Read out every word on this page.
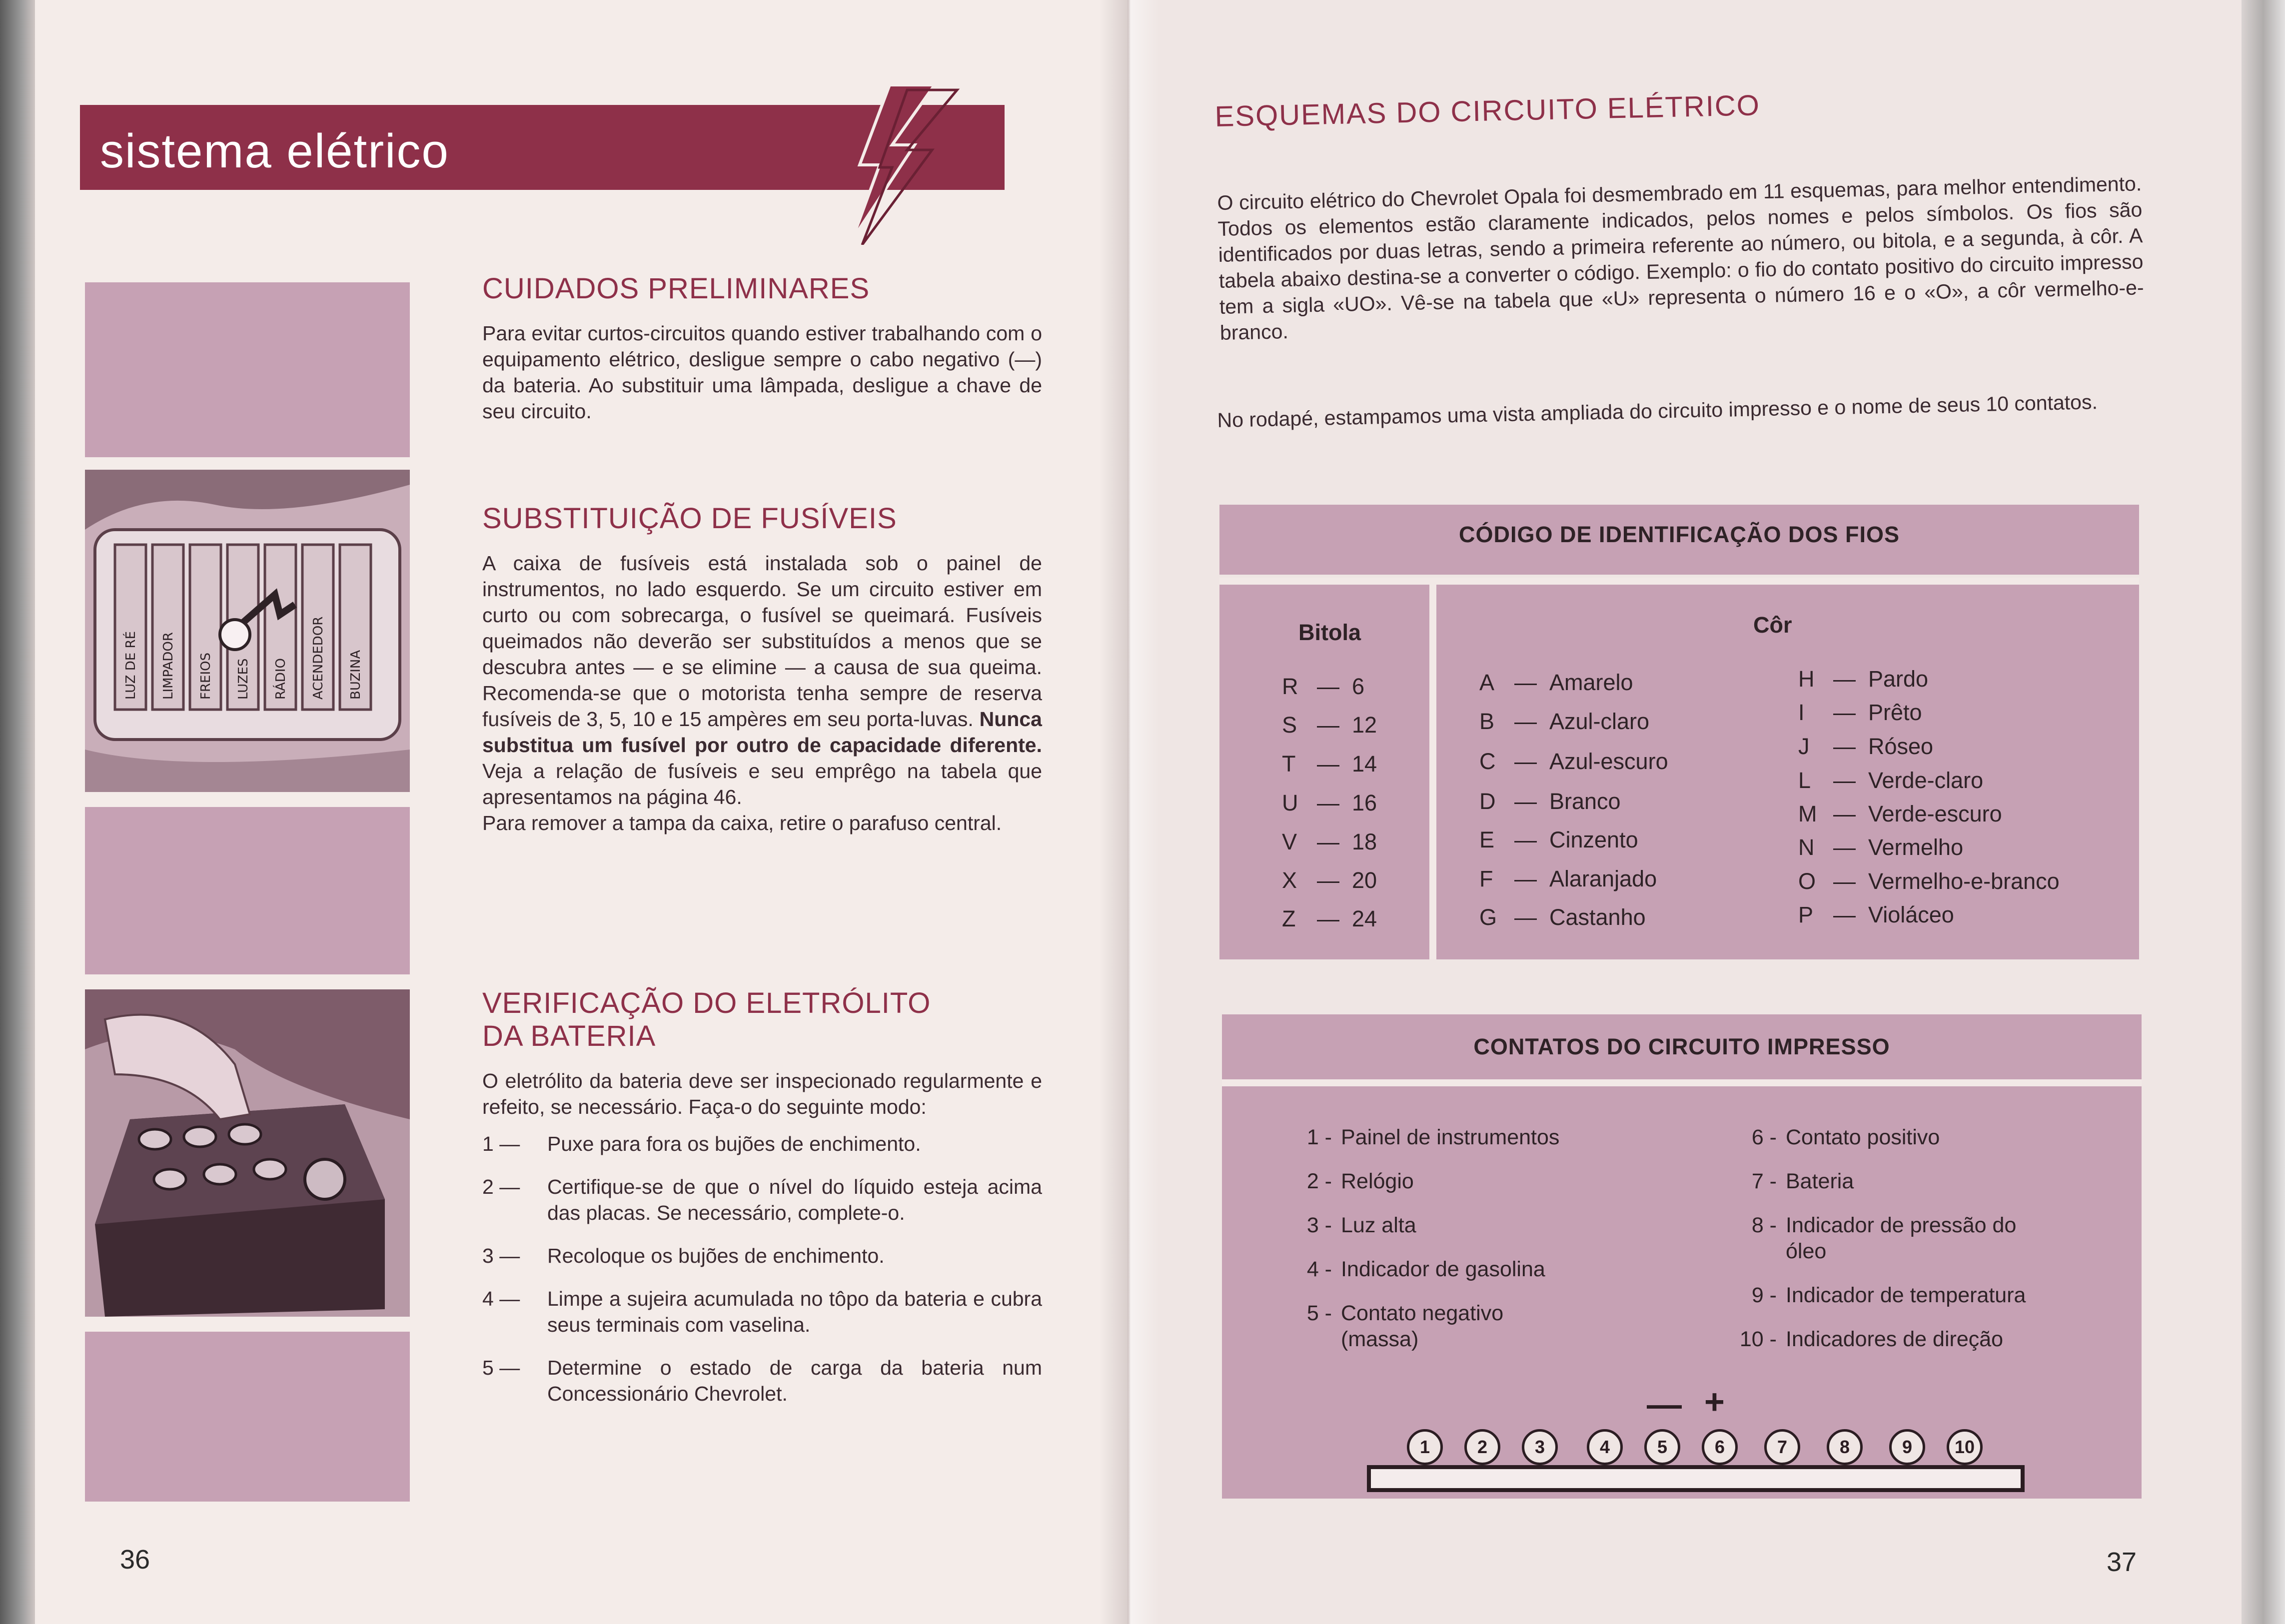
sistema elétrico
LUZ DE RÉ LIMPADOR FREIOS LUZES RÁDIO ACENDEDOR BUZINA
CUIDADOS PRELIMINARES

Para evitar curtos-circuitos quando estiver trabalhando com o equipamento elétrico, desligue sempre o cabo negativo (—) da bateria. Ao substituir uma lâmpada, desligue a chave de seu circuito.

SUBSTITUIÇÃO DE FUSÍVEIS

A caixa de fusíveis está instalada sob o painel de instrumentos, no lado esquerdo. Se um circuito estiver em curto ou com sobrecarga, o fusível se queimará. Fusíveis queimados não deverão ser substituídos a menos que se descubra antes — e se elimine — a causa de sua queima. Recomenda-se que o motorista tenha sempre de reserva fusíveis de 3, 5, 10 e 15 ampères em seu porta-luvas. Nunca substitua um fusível por outro de capacidade diferente. Veja a relação de fusíveis e seu emprêgo na tabela que apresentamos na página 46.

Para remover a tampa da caixa, retire o parafuso central.

VERIFICAÇÃO DO ELETRÓLITO
DA BATERIA

O eletrólito da bateria deve ser inspecionado regularmente e refeito, se necessário. Faça-o do seguinte modo:

1 —	Puxe para fora os bujões de enchimento.
2 —	Certifique-se de que o nível do líquido esteja acima das placas. Se necessário, complete-o.
3 —	Recoloque os bujões de enchimento.
4 —	Limpe a sujeira acumulada no tôpo da bateria e cubra seus terminais com vaselina.
5 —	Determine o estado de carga da bateria num Concessionário Chevrolet.
36
ESQUEMAS DO CIRCUITO ELÉTRICO
O circuito elétrico do Chevrolet Opala foi desmembrado em 11 esquemas, para melhor entendimento. Todos os elementos estão claramente indicados, pelos nomes e pelos símbolos. Os fios são identificados por duas letras, sendo a primeira referente ao número, ou bitola, e a segunda, à côr. A tabela abaixo destina-se a converter o código. Exemplo: o fio do contato positivo do circuito impresso tem a sigla «UO». Vê-se na tabela que «U» representa o número 16 e o «O», a côr vermelho-e-branco.
No rodapé, estampamos uma vista ampliada do circuito impresso e o nome de seus 10 contatos.
CÓDIGO DE IDENTIFICAÇÃO DOS FIOS
Bitola	Côr
R — 6
S — 12
T — 14
U — 16
V — 18
X — 20
Z — 24
A — Amarelo
B — Azul-claro
C — Azul-escuro
D — Branco
E — Cinzento
F — Alaranjado
G — Castanho
H — Pardo
I — Prêto
J — Róseo
L — Verde-claro
M — Verde-escuro
N — Vermelho
O — Vermelho-e-branco
P — Violáceo
CONTATOS DO CIRCUITO IMPRESSO
1 - Painel de instrumentos
2 - Relógio
3 - Luz alta
4 - Indicador de gasolina
5 - Contato negativo (massa)
6 - Contato positivo
7 - Bateria
8 - Indicador de pressão do óleo
9 - Indicador de temperatura
10 - Indicadores de direção
— +
1	2	3	4	5	6	7	8	9	10
37
